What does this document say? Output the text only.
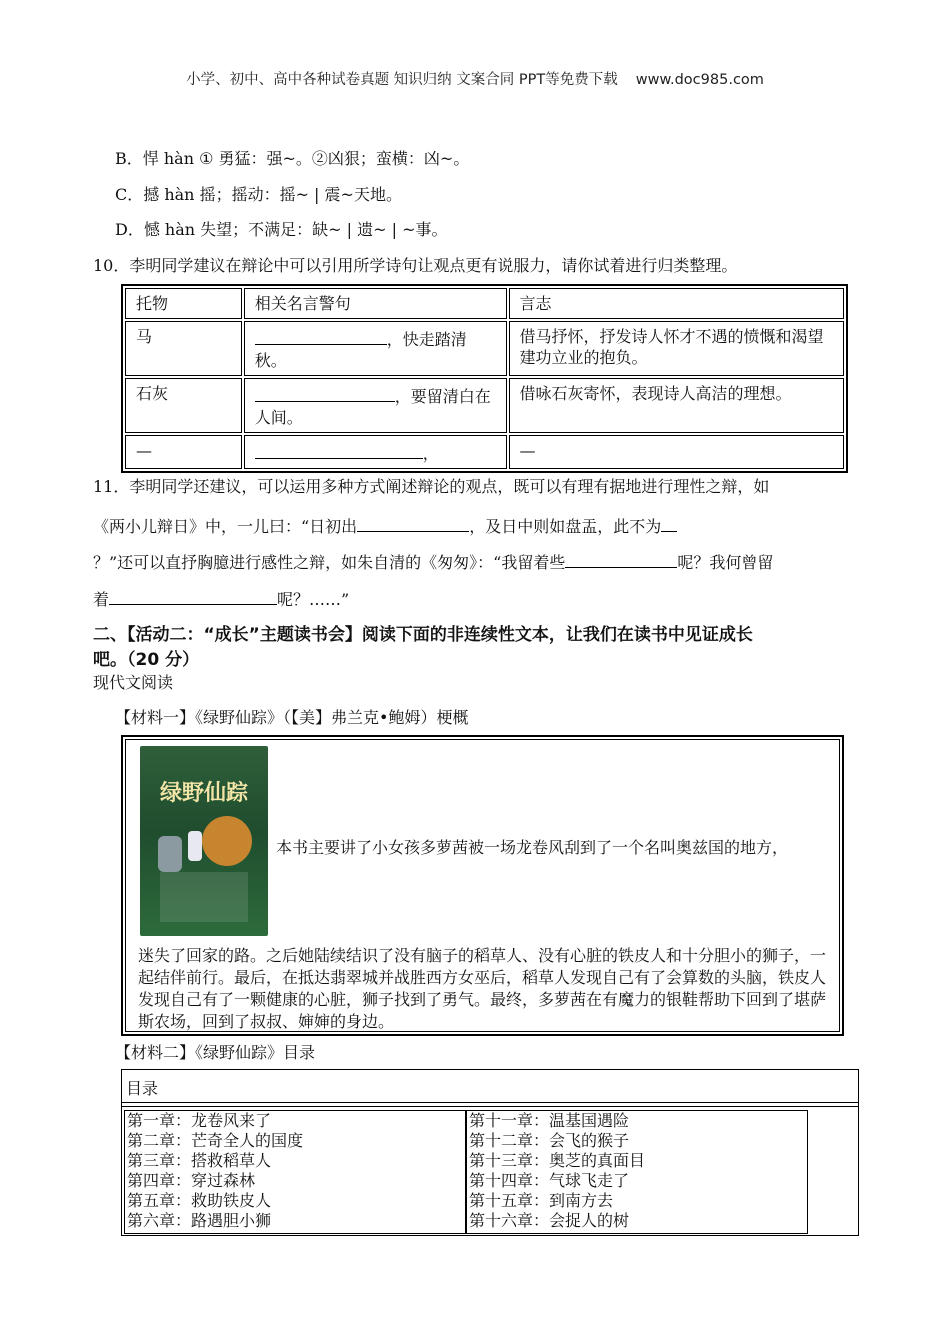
小学、初中、高中各种试卷真题 知识归纳 文案合同 PPT等免费下载 www.doc985.com
B．悍 hàn ① 勇猛：强~。②凶狠；蛮横：凶~。
C．撼 hàn 摇；摇动：摇~ | 震~天地。
D．憾 hàn 失望；不满足：缺~ | 遗~ | ~事。
10．李明同学建议在辩论中可以引用所学诗句让观点更有说服力，请你试着进行归类整理。
托物	相关名言警句	言志
马	，快走踏清秋。	借马抒怀，抒发诗人怀才不遇的愤慨和渴望建功立业的抱负。
石灰	，要留清白在人间。	借咏石灰寄怀，表现诗人高洁的理想。
—	，	—
11．李明同学还建议，可以运用多种方式阐述辩论的观点，既可以有理有据地进行理性之辩，如
《两小儿辩日》中，一儿曰：“日初出	，及日中则如盘盂，此不为
？”还可以直抒胸臆进行感性之辩，如朱自清的《匆匆》：“我留着些	呢？我何曾留
着	呢？……”
二、【活动二：“成长”主题读书会】阅读下面的非连续性文本，让我们在读书中见证成长
吧。（20 分）
现代文阅读
【材料一】《绿野仙踪》（【美】弗兰克•鲍姆）梗概
绿野仙踪
本书主要讲了小女孩多萝茜被一场龙卷风刮到了一个名叫奥兹国的地方，
迷失了回家的路。之后她陆续结识了没有脑子的稻草人、没有心脏的铁皮人和十分胆小的狮子，一起结伴前行。最后，在抵达翡翠城并战胜西方女巫后，稻草人发现自己有了会算数的头脑，铁皮人发现自己有了一颗健康的心脏，狮子找到了勇气。最终，多萝茜在有魔力的银鞋帮助下回到了堪萨斯农场，回到了叔叔、婶婶的身边。
【材料二】《绿野仙踪》目录
目录
第一章：龙卷风来了
第二章：芒奇全人的国度
第三章：搭救稻草人
第四章：穿过森林
第五章：救助铁皮人
第六章：路遇胆小狮
第十一章：温基国遇险
第十二章：会飞的猴子
第十三章：奥芝的真面目
第十四章：气球飞走了
第十五章：到南方去
第十六章：会捉人的树
